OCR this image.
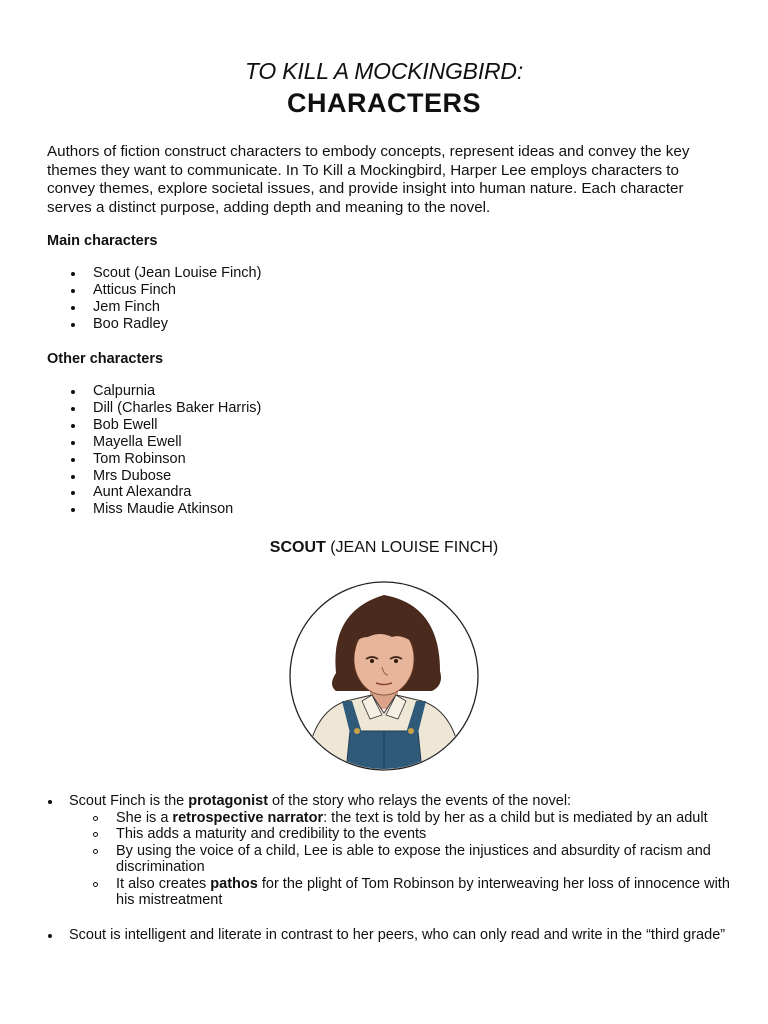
TO KILL A MOCKINGBIRD:
CHARACTERS

Authors of fiction construct characters to embody concepts, represent ideas and convey the key themes they want to communicate. In To Kill a Mockingbird, Harper Lee employs characters to convey themes, explore societal issues, and provide insight into human nature. Each character serves a distinct purpose, adding depth and meaning to the novel.

Main characters

Scout (Jean Louise Finch)
Atticus Finch
Jem Finch
Boo Radley

Other characters

Calpurnia
Dill (Charles Baker Harris)
Bob Ewell
Mayella Ewell
Tom Robinson
Mrs Dubose
Aunt Alexandra
Miss Maudie Atkinson

SCOUT (JEAN LOUISE FINCH)

Scout Finch is the protagonist of the story who relays the events of the novel:
She is a retrospective narrator: the text is told by her as a child but is mediated by an adult
This adds a maturity and credibility to the events
By using the voice of a child, Lee is able to expose the injustices and absurdity of racism and discrimination
It also creates pathos for the plight of Tom Robinson by interweaving her loss of innocence with his mistreatment
Scout is intelligent and literate in contrast to her peers, who can only read and write in the “third grade”
